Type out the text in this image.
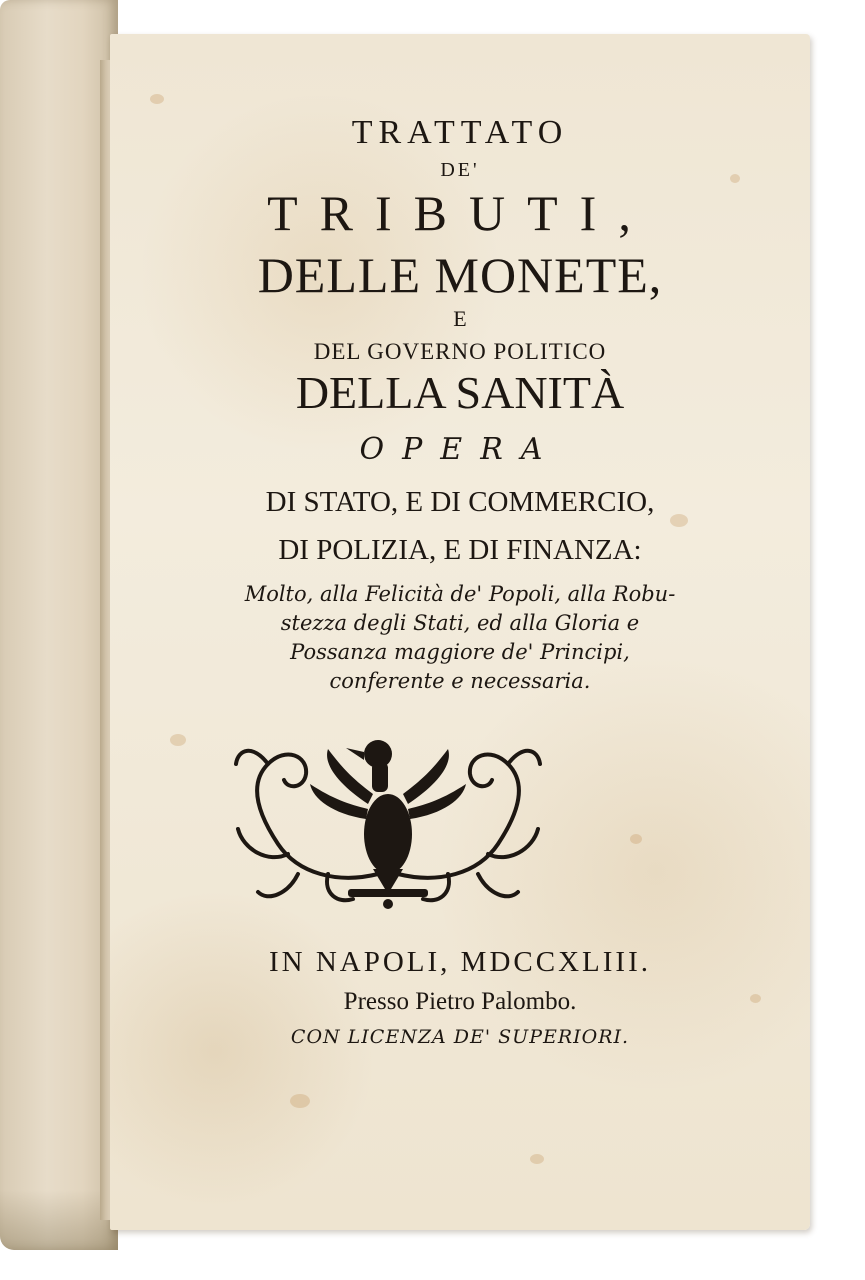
TRATTATO
DE'
TRIBUTI,
DELLE MONETE,
E
DEL GOVERNO POLITICO
DELLA SANITÀ
OPERA
DI STATO, E DI COMMERCIO,
DI POLIZIA, E DI FINANZA:
Molto, alla Felicità de' Popoli, alla Robu-
stezza degli Stati, ed alla Gloria e
Possanza maggiore de' Principi,
conferente e necessaria.
IN NAPOLI, MDCCXLIII.
Presso Pietro Palombo.
CON LICENZA DE' SUPERIORI.
